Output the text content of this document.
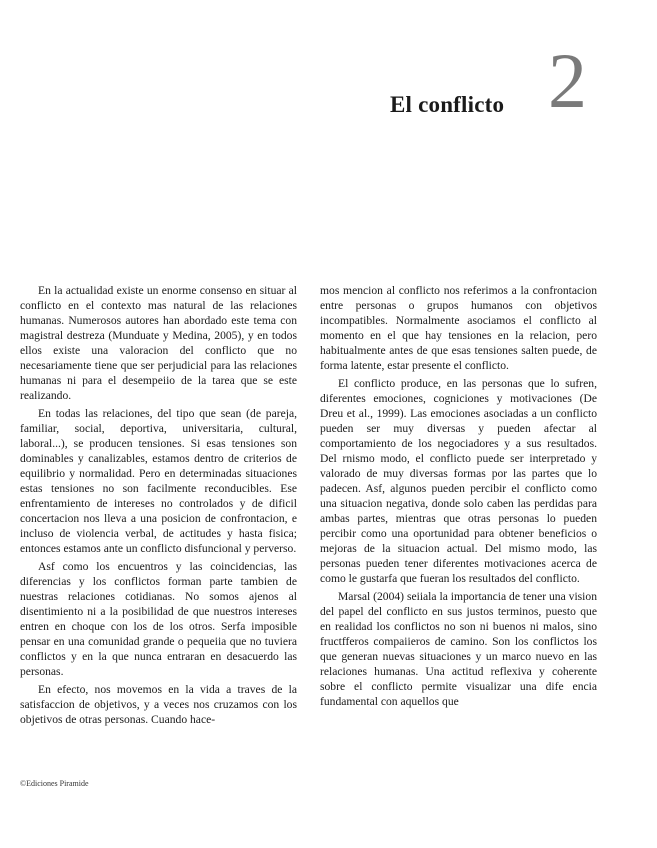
El conflicto 2

En la actualidad existe un enorme consenso en situar al conflicto en el contexto mas natural de las relaciones humanas. Numerosos autores han abordado este tema con magistral destreza (Munduate y Medina, 2005), y en todos ellos existe una valoracion del conflicto que no necesariamente tiene que ser perjudicial para las relaciones humanas ni para el desempeiio de la tarea que se este realizando.

En todas las relaciones, del tipo que sean (de pareja, familiar, social, deportiva, universitaria, cultural, laboral...), se producen tensiones. Si esas tensiones son dominables y canalizables, estamos dentro de criterios de equilibrio y normalidad. Pero en determinadas situaciones estas tensiones no son facilmente reconducibles. Ese enfrentamiento de intereses no controlados y de dificil concertacion nos lleva a una posicion de confrontacion, e incluso de violencia verbal, de actitudes y hasta fisica; entonces estamos ante un conflicto disfuncional y perverso.

Asf como los encuentros y las coincidencias, las diferencias y los conflictos forman parte tambien de nuestras relaciones cotidianas. No somos ajenos al disentimiento ni a la posibilidad de que nuestros intereses entren en choque con los de los otros. Serfa imposible pensar en una comunidad grande o pequeiia que no tuviera conflictos y en la que nunca entraran en desacuerdo las personas.

En efecto, nos movemos en la vida a traves de la satisfaccion de objetivos, y a veces nos cruzamos con los objetivos de otras personas. Cuando hace-

mos mencion al conflicto nos referimos a la confrontacion entre personas o grupos humanos con objetivos incompatibles. Normalmente asociamos el conflicto al momento en el que hay tensiones en la relacion, pero habitualmente antes de que esas tensiones salten puede, de forma latente, estar presente el conflicto.

El conflicto produce, en las personas que lo sufren, diferentes emociones, cogniciones y motivaciones (De Dreu et al., 1999). Las emociones asociadas a un conflicto pueden ser muy diversas y pueden afectar al comportamiento de los negociadores y a sus resultados. Del rnismo modo, el conflicto puede ser interpretado y valorado de muy diversas formas por las partes que lo padecen. Asf, algunos pueden percibir el conflicto como una situacion negativa, donde solo caben las perdidas para ambas partes, mientras que otras personas lo pueden percibir como una oportunidad para obtener beneficios o mejoras de la situacion actual. Del mismo modo, las personas pueden tener diferentes motivaciones acerca de como le gustarfa que fueran los resultados del conflicto.

Marsal (2004) seiiala la importancia de tener una vision del papel del conflicto en sus justos terminos, puesto que en realidad los conflictos no son ni buenos ni malos, sino fructfferos compaiieros de camino. Son los conflictos los que generan nuevas situaciones y un marco nuevo en las relaciones humanas. Una actitud reflexiva y coherente sobre el conflicto permite visualizar una dife encia fundamental con aquellos que

©Ediciones Piramide
